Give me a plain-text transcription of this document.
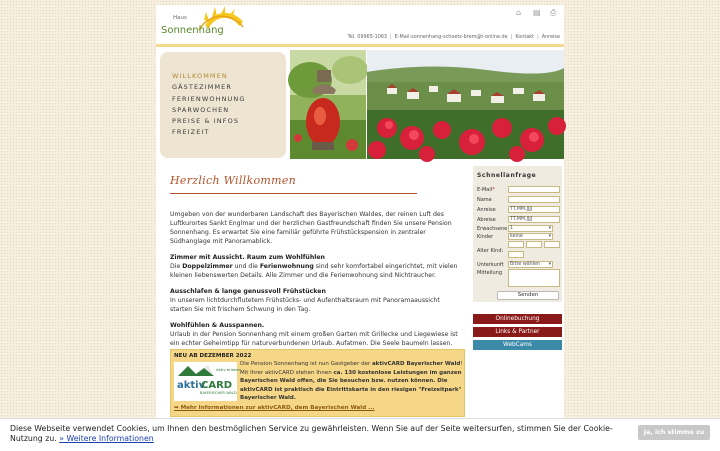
Haus
Sonnenhang
⌂	▤ ⎙
Tel. 09965-1063 | E-Mail:sonnenhang-schoetz-brem@t-online.de | Kontakt | Anreise
WILLKOMMEN
GÄSTEZIMMER
FERIENWOHNUNG
SPARWOCHEN
PREISE & INFOS
FREIZEIT
Herzlich Willkommen
Umgeben von der wunderbaren Landschaft des Bayerischen Waldes, der reinen Luft des Luftkurortes Sankt Englmar und der herzlichen Gastfreundschaft finden Sie unsere Pension Sonnenhang. Es erwartet Sie eine familiär geführte Frühstückspension in zentraler Südhanglage mit Panoramablick.
Zimmer mit Aussicht. Raum zum Wohlfühlen
Die Doppelzimmer und die Ferienwohnung sind sehr komfortabel eingerichtet, mit vielen kleinen liebenswerten Details. Alle Zimmer und die Ferienwohnung sind Nichtraucher.
Ausschlafen & lange genussvoll Frühstücken
In unserem lichtdurchflutetem Frühstücks- und Aufenthaltsraum mit Panoramaaussicht starten Sie mit frischem Schwung in den Tag.
Wohlfühlen & Ausspannen.
Urlaub in der Pension Sonnenhang mit einem großen Garten mit Grillecke und Liegewiese ist ein echter Geheimtipp für naturverbundenen Urlaub. Aufatmen. Die Seele baumeln lassen.
NEU AB DEZEMBER 2022
Aktiv erleben
aktiv
CARD
BAYERISCHER WALD
Die Pension Sonnenhang ist nun Gastgeber der aktivCARD Bayerischer Wald! Mit Ihrer aktivCARD stehen Ihnen ca. 130 kostenlose Leistungen im ganzen Bayerischen Wald offen, die Sie besuchen bzw. nutzen können. Die aktivCARD ist praktisch die Eintrittskarte in den riesigen "Freizeitpark" Bayerischer Wald.
➡ Mehr Informationen zur aktivCARD, dem Bayerischen Wald ...
Schnellanfrage
E-Mail*
Name
Anreise	TT.MM.JJJJ
Abreise	TT.MM.JJJJ
Erwachsene 1	▾
Kinder	keine	▾
Alter Kind:
Unterkunft	Bitte wählen ▾
Mitteilung
Senden
Onlinebuchung
Links & Partner
WebCams
Diese Webseite verwendet Cookies, um Ihnen den bestmöglichen Service zu gewährleisten. Wenn Sie auf der Seite weitersurfen, stimmen Sie der Cookie-Nutzung zu. » Weitere Informationen
Ja, ich stimme zu
